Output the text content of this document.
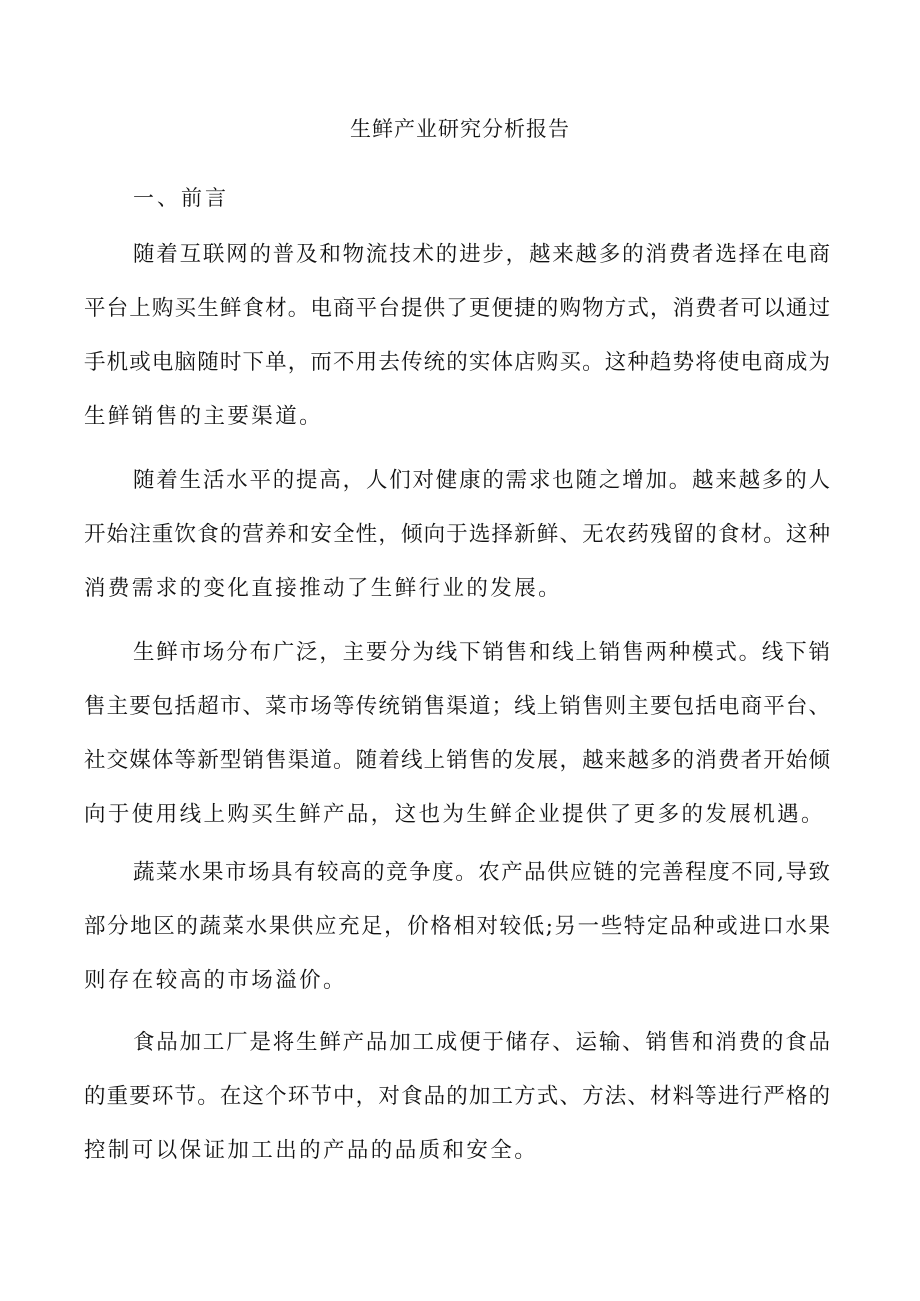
生鲜产业研究分析报告
一、前言
随着互联网的普及和物流技术的进步，越来越多的消费者选择在电商
平台上购买生鲜食材。电商平台提供了更便捷的购物方式，消费者可以通过
手机或电脑随时下单，而不用去传统的实体店购买。这种趋势将使电商成为
生鲜销售的主要渠道。
随着生活水平的提高，人们对健康的需求也随之增加。越来越多的人
开始注重饮食的营养和安全性，倾向于选择新鲜、无农药残留的食材。这种
消费需求的变化直接推动了生鲜行业的发展。
生鲜市场分布广泛，主要分为线下销售和线上销售两种模式。线下销
售主要包括超市、菜市场等传统销售渠道；线上销售则主要包括电商平台、
社交媒体等新型销售渠道。随着线上销售的发展，越来越多的消费者开始倾
向于使用线上购买生鲜产品，这也为生鲜企业提供了更多的发展机遇。
蔬菜水果市场具有较高的竞争度。农产品供应链的完善程度不同,导致
部分地区的蔬菜水果供应充足，价格相对较低;另一些特定品种或进口水果
则存在较高的市场溢价。
食品加工厂是将生鲜产品加工成便于储存、运输、销售和消费的食品
的重要环节。在这个环节中，对食品的加工方式、方法、材料等进行严格的
控制可以保证加工出的产品的品质和安全。
